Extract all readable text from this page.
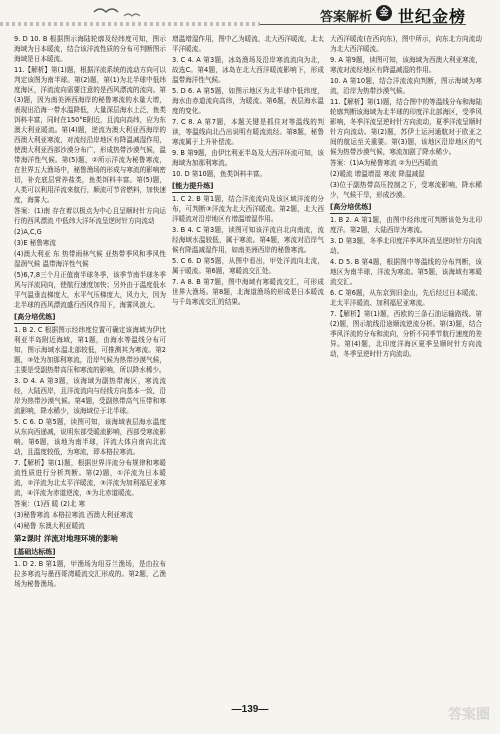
答案解析 金 世纪金榜

9. D 10. B 根据图示海陆轮廓及经纬度可知，图示海域为日本暖流，结合该洋流性质的分布可判断图示海域是日本暖流。

11.【解析】第(1)题，根据洋流系统的流动方向可以判定该图为南半球。第(2)题，第(1)为北半球中低纬度海区，洋流流向需要注意的是西风漂流的流向。第(3)题，因为南美洲西海岸的秘鲁寒流的水量大增，表现出沿海一带水温降低，大量深层海水上泛，鱼类饵料丰富，同时在150°E附近，且流向高纬，应为东澳大利亚暖流。第(4)题，逆流为澳大利亚西海岸的西澳大利亚寒流，对流经沿岸地区有降温减湿作用，使澳大利亚西部沙漠分布广，形成热带沙漠气候，温带海洋性气候。第(5)题，②所示洋流为秘鲁寒流，在世界五大渔场中，秘鲁渔场的形成与寒流的影响密切，补充底层营养盐类，鱼类饵料丰富。第(5)题，人类可以利用洋流来航行，顺流可节省燃料，加快速度，海雾大。

答案：(1)南 存在着以极点为中心且呈顺时针方向运行的西风漂流 中低纬大洋环流呈逆时针方向流动

(2)A,C,G

(3)E 秘鲁寒流

(4)澳大利亚 东 热带雨林气候 亚热带季风和季风性湿润气候 温带海洋性气候

(5)6,7,8三个月正值南半球冬季，该季节南半球冬季风与洋流同向，使航行速度加快；另外由于温度低水平气温垂直梯度大，水平气压梯度大，风力大，因为北半球的西风漂流盛行西风作用下，海雾风浪大。

[高分培优练]

1. B 2. C 根据图示经纬度位置可确定该海域为伊比利亚半岛附近海域，第1题，由海水等温线分布可知，图示海域水温北部较低，可推测其为寒流。第2题，③处为加那利寒流，沿岸气候为热带沙漠气候，主要是受副热带高压和寒流的影响，所以降水稀少。

3. D 4. A 第3题，该海域为副热带海区，寒流流经，大陆西岸，且洋流流向与经线方向基本一致，沿岸为热带沙漠气候。第4题，受副热带高气压带和寒流影响，降水稀少，该海域位于北半球。

5. C 6. D 第5题，读图可知，该海域表层海水温度从东向西递减，说明东部受暖流影响，西部受寒流影响。第6题，该地为南半球，洋流大体自南向北流动，且温度较低，为寒流，即本格拉寒流。

7.【解析】第(1)题，根据世界洋流分布规律和寒暖流性质进行分析判断。第(2)题，①洋流为日本暖流，②洋流为北太平洋暖流，③洋流为加利福尼亚寒流，④洋流为赤道逆流，⑤为北赤道暖流。

答案：(1)西 暖 (2)北 寒

(3)秘鲁寒流 本格拉寒流 西澳大利亚寒流

(4)秘鲁 东澳大利亚暖流

第2课时 洋流对地理环境的影响
[基础达标练]

1. D 2. B 第1题，甲渔场为纽芬兰渔场，是由拉布拉多寒流与墨西哥湾暖流交汇形成的。第2题，乙渔场为秘鲁渔场。

增温增湿作用，图中乙为暖流，北大西洋暖流，北太平洋暖流。

3. C 4. A 第3题，冰岛渔场及沿岸寒流流向为北，故选C。第4题，冰岛在北大西洋暖流影响下，形成温带海洋性气候。

5. D 6. A 第5题，如图示地区为北半球中低纬度，海水由赤道流向高纬，为暖流。第6题，表层海水温度的变化。

7. C 8. A 第7题，本题关键是抓住对等温线的判读，等温线向北凸出说明有暖流流经。第8题，秘鲁寒流属于上升补偿流。

9. B 第9题，由伊比利亚半岛及大西洋环流可知，该海域为加那利寒流。

10. D 第10题，鱼类饵料丰富。

[能力提升练]

1. C 2. B 第1题，结合洋流流向及该区域洋流的分布，可判断③洋流为北大西洋暖流。第2题，北大西洋暖流对沿岸地区有增温增湿作用。

3. B 4. C 第3题，读图可知该洋流自北向南流，流经海域水温较低，属于寒流。第4题，寒流对沿岸气候有降温减湿作用，如南美洲西岸的秘鲁寒流。

5. C 6. D 第5题，从图中看出，甲处洋流向北流，属于暖流。第6题，寒暖流交汇处。

7. A 8. B 第7题，图中海域有寒暖流交汇，可形成世界大渔场。第8题，北海道渔场的形成是日本暖流与千岛寒流交汇的结果。

大西洋暖流(在西向东)，图中所示，向东北方向流动为北大西洋暖流。

9. A 第9题，读图可知，该海域为西澳大利亚寒流，寒流对流经地区有降温减湿的作用。

10. A 第10题，结合洋流流向判断，图示海域为寒流，沿岸为热带沙漠气候。

11.【解析】第(1)题，结合图中的等温线分布和海陆轮廓判断该海域为北半球的印度洋北部海区，受季风影响，冬季洋流呈逆时针方向流动，夏季洋流呈顺时针方向流动。第(2)题，苏伊士运河通航对于欧亚之间的航运至关重要。第(3)题，该地区沿岸地区的气候为热带沙漠气候，寒流加剧了降水稀少。

答案：(1)A为秘鲁寒流 ②为巴西暖流

(2)暖流 增温增湿 寒流 降温减湿

(3)位于副热带高压控制之下，受寒流影响，降水稀少，气候干旱，形成沙漠。

[高分培优练]

1. B 2. A 第1题，由图中经纬度可判断该处为北印度洋。第2题，大陆西岸为寒流。

3. D 第3题，冬季北印度洋季风环流呈逆时针方向流动。

4. D 5. B 第4题，根据图中等温线的分布判断，该地区为南半球，洋流为寒流。第5题，该海域有寒暖流交汇。

6. C 第6题，从东京到旧金山，先后经过日本暖流、北太平洋暖流、加利福尼亚寒流。

7.【解析】第(1)题，西欧的三条石油运输路线。第(2)题，图示航线沿途顺流逆流分析。第(3)题，结合季风洋流的分布和流向，分析不同季节航行速度的差异。第(4)题，北印度洋海区夏季呈顺时针方向流动，冬季呈逆时针方向流动。

—139—	答案圈
